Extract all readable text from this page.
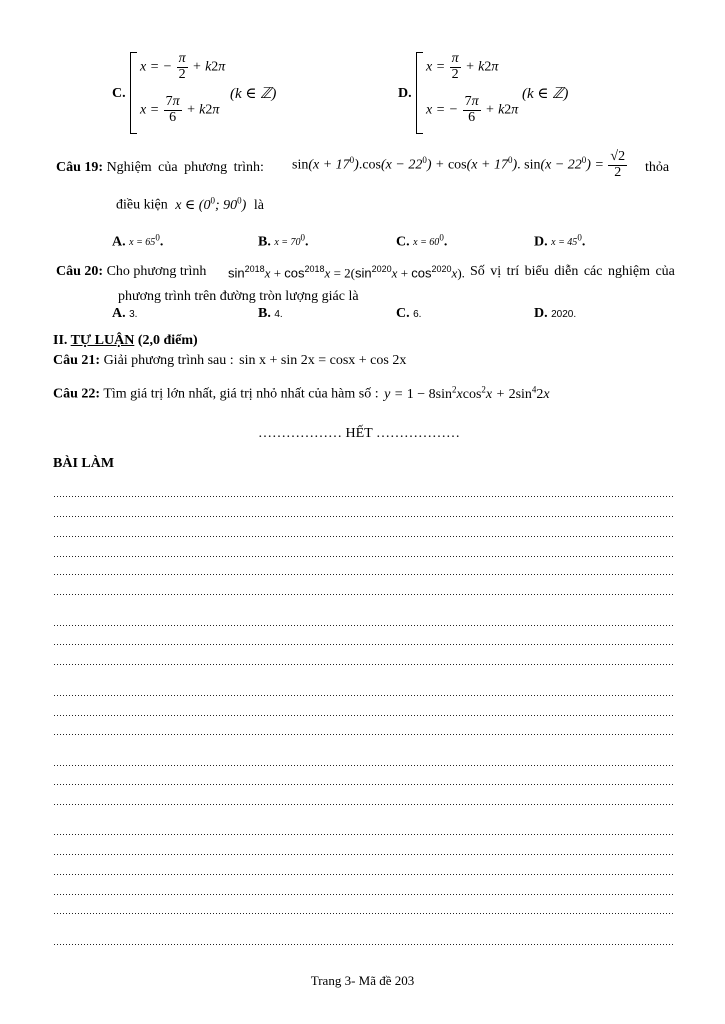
C.
x = − $\frac{\pi}{2} + k2\pi$
$x = \frac{7\pi}{6} + k2\pi$
(k ∈ ℤ)	D.
$x = \frac{\pi}{2} + k2\pi$
x = − $\frac{7\pi}{6} + k2\pi$
(k ∈ ℤ)
Câu 19: Nghiệm của phương trình: $\sin(x + 17^0).\cos(x - 22^0) + \cos(x + 17^0)$. $\sin(x - 22^0) = \frac{√2}{2}$ thỏa
điều kiện x ∈ ($0^0$; $90^0$) là
A. x = 650.	B. x = 700.	C. x = 600.	D. x = 450.
Câu 20: Cho phương trình $\sin^{2018}x + \cos^{2018}x = 2(\sin^{2020}x + \cos^{2020}x)$. Số vị trí biểu diễn các nghiệm của
phương trình trên đường tròn lượng giác là
A. 3.	B. 4.	C. 6.	D. 2020.
II. TỰ LUẬN (2,0 điểm)
Câu 21: Giải phương trình sau : sin x + sin 2x = cosx + cos 2x
Câu 22: Tìm giá trị lớn nhất, giá trị nhỏ nhất của hàm số : $y = 1 - 8\sin^2xcos^2x + 2\sin^42x$
……………… HẾT ………………
BÀI LÀM
Trang 3- Mã đề 203
